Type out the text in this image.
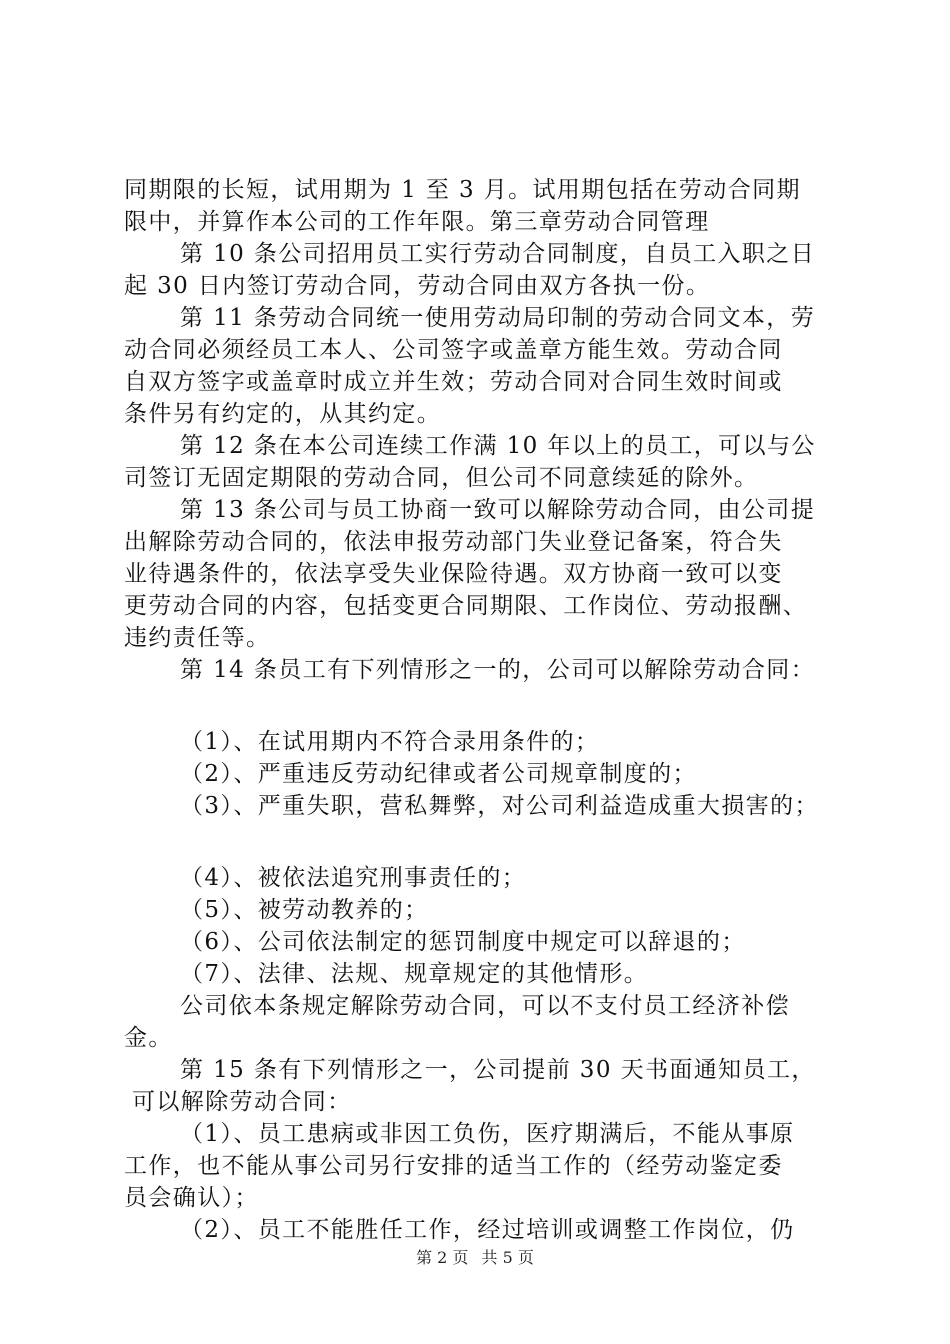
同期限的长短，试用期为 1 至 3 月。试用期包括在劳动合同期
限中，并算作本公司的工作年限。第三章劳动合同管理
第 10 条公司招用员工实行劳动合同制度，自员工入职之日
起 30 日内签订劳动合同，劳动合同由双方各执一份。
第 11 条劳动合同统一使用劳动局印制的劳动合同文本，劳
动合同必须经员工本人、公司签字或盖章方能生效。劳动合同
自双方签字或盖章时成立并生效；劳动合同对合同生效时间或
条件另有约定的，从其约定。
第 12 条在本公司连续工作满 10 年以上的员工，可以与公
司签订无固定期限的劳动合同，但公司不同意续延的除外。
第 13 条公司与员工协商一致可以解除劳动合同，由公司提
出解除劳动合同的，依法申报劳动部门失业登记备案，符合失
业待遇条件的，依法享受失业保险待遇。双方协商一致可以变
更劳动合同的内容，包括变更合同期限、工作岗位、劳动报酬、
违约责任等。
第 14 条员工有下列情形之一的，公司可以解除劳动合同：
（1）、在试用期内不符合录用条件的；
（2）、严重违反劳动纪律或者公司规章制度的；
（3）、严重失职，营私舞弊，对公司利益造成重大损害的；
（4）、被依法追究刑事责任的；
（5）、被劳动教养的；
（6）、公司依法制定的惩罚制度中规定可以辞退的；
（7）、法律、法规、规章规定的其他情形。
公司依本条规定解除劳动合同，可以不支付员工经济补偿
金。
第 15 条有下列情形之一，公司提前 30 天书面通知员工，
可以解除劳动合同：
（1）、员工患病或非因工负伤，医疗期满后，不能从事原
工作，也不能从事公司另行安排的适当工作的（经劳动鉴定委
员会确认）；
（2）、员工不能胜任工作，经过培训或调整工作岗位，仍
第 2 页 共 5 页
